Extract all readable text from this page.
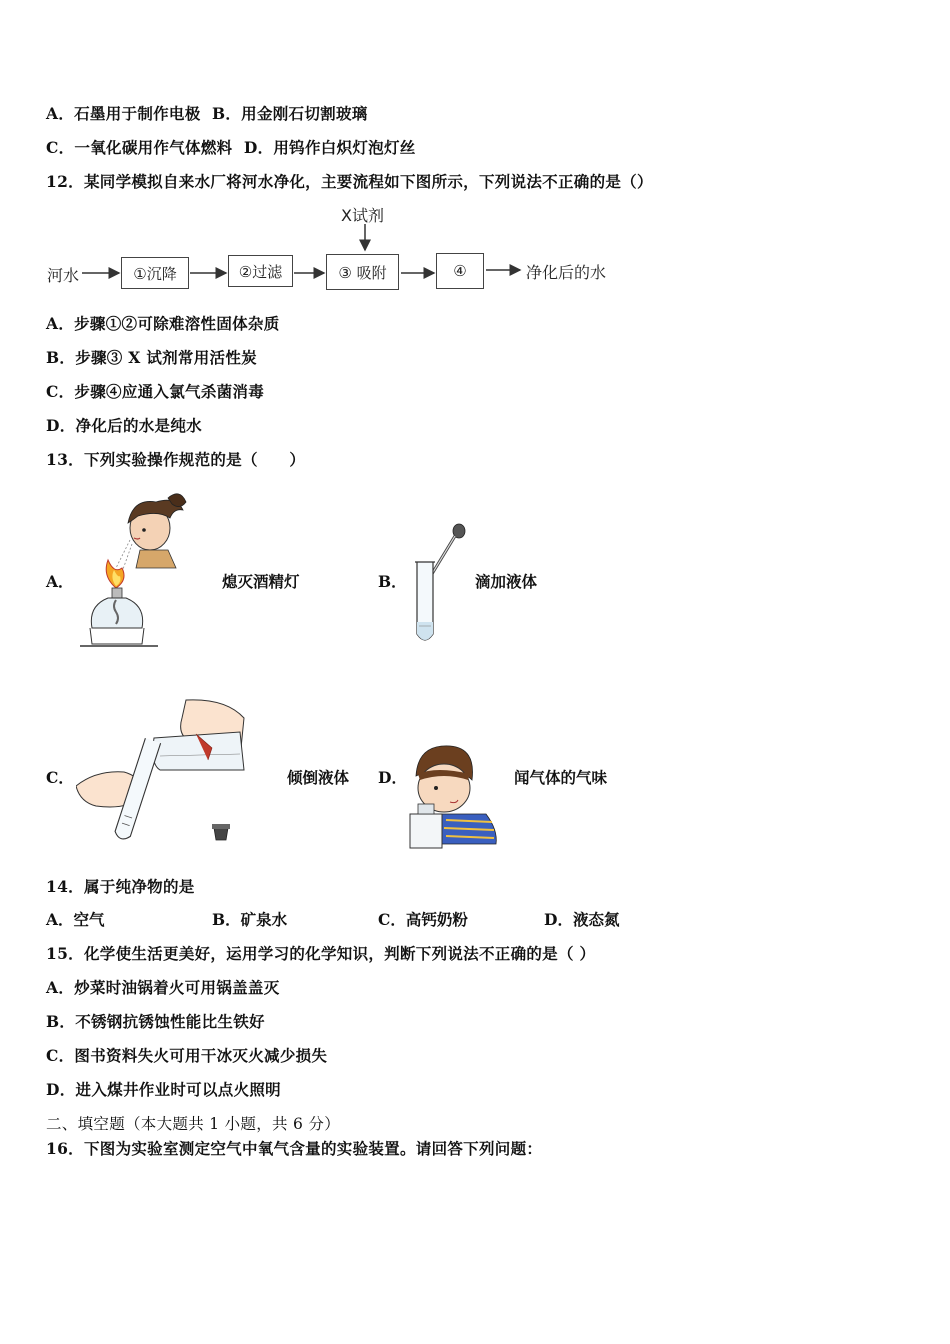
A．石墨用于制作电极 B．用金刚石切割玻璃
C．一氧化碳用作气体燃料 D．用钨作白炽灯泡灯丝
12．某同学模拟自来水厂将河水净化，主要流程如下图所示，下列说法不正确的是（）
X试剂
河水	①沉降	②过滤	③ 吸附	④	净化后的水
A．步骤①②可除难溶性固体杂质
B．步骤③ X 试剂常用活性炭
C．步骤④应通入氯气杀菌消毒
D．净化后的水是纯水
13．下列实验操作规范的是（　　）
A．	熄灭酒精灯	B．	滴加液体
C．	倾倒液体 D．	闻气体的气味
14．属于纯净物的是
A．空气	B．矿泉水	C．高钙奶粉	D．液态氮
15．化学使生活更美好，运用学习的化学知识，判断下列说法不正确的是（ ）
A．炒菜时油锅着火可用锅盖盖灭
B．不锈钢抗锈蚀性能比生铁好
C．图书资料失火可用干冰灭火减少损失
D．进入煤井作业时可以点火照明
二、填空题（本大题共 1 小题，共 6 分）
16．下图为实验室测定空气中氧气含量的实验装置。请回答下列问题：
